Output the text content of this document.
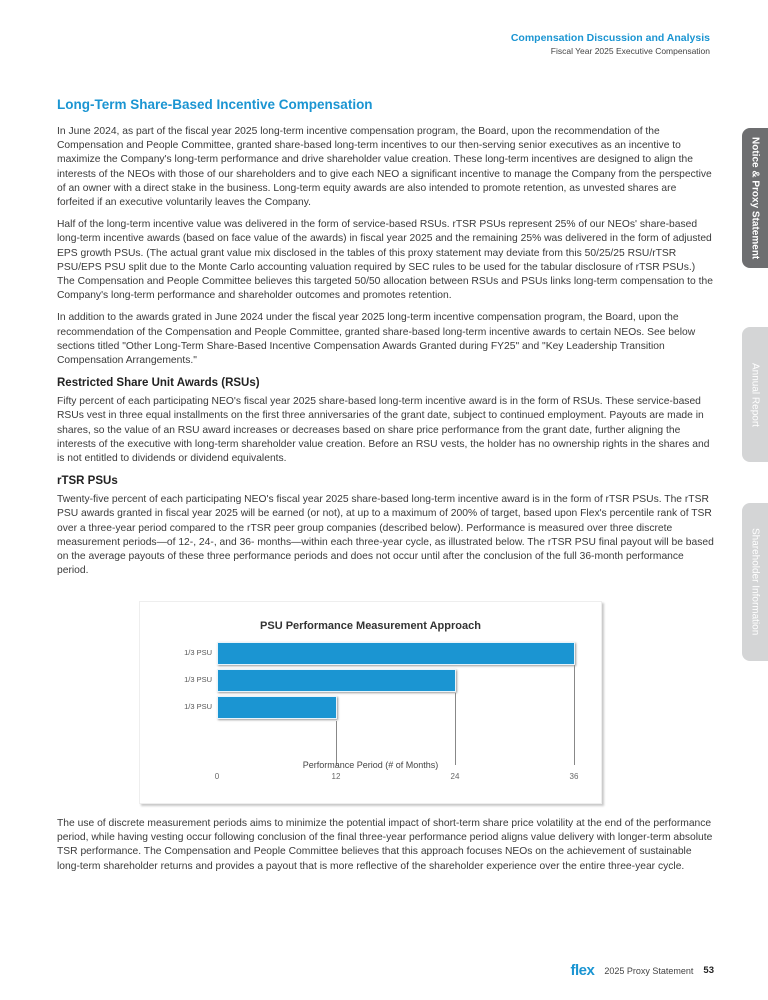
Compensation Discussion and Analysis
Fiscal Year 2025 Executive Compensation
Notice & Proxy Statement
Annual Report
Shareholder Information
Long-Term Share-Based Incentive Compensation

In June 2024, as part of the fiscal year 2025 long-term incentive compensation program, the Board, upon the recommendation of the Compensation and People Committee, granted share-based long-term incentives to our then-serving senior executives as an incentive to maximize the Company's long-term performance and drive shareholder value creation. These long-term incentives are designed to align the interests of the NEOs with those of our shareholders and to give each NEO a significant incentive to manage the Company from the perspective of an owner with a direct stake in the business. Long-term equity awards are also intended to promote retention, as unvested shares are forfeited if an executive voluntarily leaves the Company.

Half of the long-term incentive value was delivered in the form of service-based RSUs. rTSR PSUs represent 25% of our NEOs' share-based long-term incentive awards (based on face value of the awards) in fiscal year 2025 and the remaining 25% was delivered in the form of adjusted EPS growth PSUs. (The actual grant value mix disclosed in the tables of this proxy statement may deviate from this 50/25/25 RSU/rTSR PSU/EPS PSU split due to the Monte Carlo accounting valuation required by SEC rules to be used for the tabular disclosure of rTSR PSUs.) The Compensation and People Committee believes this targeted 50/50 allocation between RSUs and PSUs links long-term compensation to the Company's long-term performance and shareholder outcomes and promotes retention.

In addition to the awards grated in June 2024 under the fiscal year 2025 long-term incentive compensation program, the Board, upon the recommendation of the Compensation and People Committee, granted share-based long-term incentive awards to certain NEOs. See below sections titled "Other Long-Term Share-Based Incentive Compensation Awards Granted during FY25" and "Key Leadership Transition Compensation Arrangements."

Restricted Share Unit Awards (RSUs)

Fifty percent of each participating NEO's fiscal year 2025 share-based long-term incentive award is in the form of RSUs. These service-based RSUs vest in three equal installments on the first three anniversaries of the grant date, subject to continued employment. Payouts are made in shares, so the value of an RSU award increases or decreases based on share price performance from the grant date, further aligning the interests of the executive with long-term shareholder value creation. Before an RSU vests, the holder has no ownership rights in the shares and is not entitled to dividends or dividend equivalents.

rTSR PSUs

Twenty-five percent of each participating NEO's fiscal year 2025 share-based long-term incentive award is in the form of rTSR PSUs. The rTSR PSU awards granted in fiscal year 2025 will be earned (or not), at up to a maximum of 200% of target, based upon Flex's percentile rank of TSR over a three-year period compared to the rTSR peer group companies (described below). Performance is measured over three discrete measurement periods—of 12-, 24-, and 36- months—within each three-year cycle, as illustrated below. The rTSR PSU final payout will be based on the average payouts of these three performance periods and does not occur until after the conclusion of the full 36-month performance period.

PSU Performance Measurement Approach
1/3 PSU
1/3 PSU
1/3 PSU
0	12	24	36
Performance Period (# of Months)

The use of discrete measurement periods aims to minimize the potential impact of short-term share price volatility at the end of the performance period, while having vesting occur following conclusion of the final three-year performance period aligns value delivery with longer-term absolute TSR performance. The Compensation and People Committee believes that this approach focuses NEOs on the achievement of sustainable long-term shareholder returns and provides a payout that is more reflective of the shareholder experience over the entire three-year cycle.

flex 2025 Proxy Statement 53
